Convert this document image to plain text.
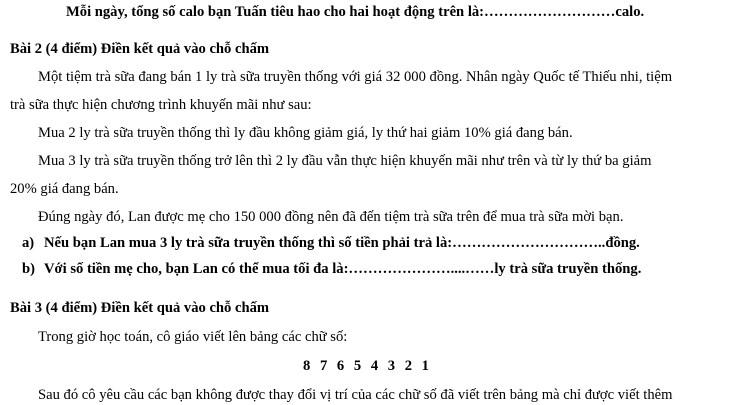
Mỗi ngày, tổng số calo bạn Tuấn tiêu hao cho hai hoạt động trên là:………………………calo.
Bài 2 (4 điểm) Điền kết quả vào chỗ chấm
Một tiệm trà sữa đang bán 1 ly trà sữa truyền thống với giá 32 000 đồng. Nhân ngày Quốc tế Thiếu nhi, tiệm
trà sữa thực hiện chương trình khuyến mãi như sau:
Mua 2 ly trà sữa truyền thống thì ly đầu không giảm giá, ly thứ hai giảm 10% giá đang bán.
Mua 3 ly trà sữa truyền thống trở lên thì 2 ly đầu vẫn thực hiện khuyến mãi như trên và từ ly thứ ba giảm
20% giá đang bán.
Đúng ngày đó, Lan được mẹ cho 150 000 đồng nên đã đến tiệm trà sữa trên để mua trà sữa mời bạn.
a) Nếu bạn Lan mua 3 ly trà sữa truyền thống thì số tiền phải trả là:…………………………..đồng.
b) Với số tiền mẹ cho, bạn Lan có thể mua tối đa là:…………………....……ly trà sữa truyền thống.
Bài 3 (4 điểm) Điền kết quả vào chỗ chấm
Trong giờ học toán, cô giáo viết lên bảng các chữ số:
8 7 6 5 4 3 2 1
Sau đó cô yêu cầu các bạn không được thay đổi vị trí của các chữ số đã viết trên bảng mà chỉ được viết thêm
